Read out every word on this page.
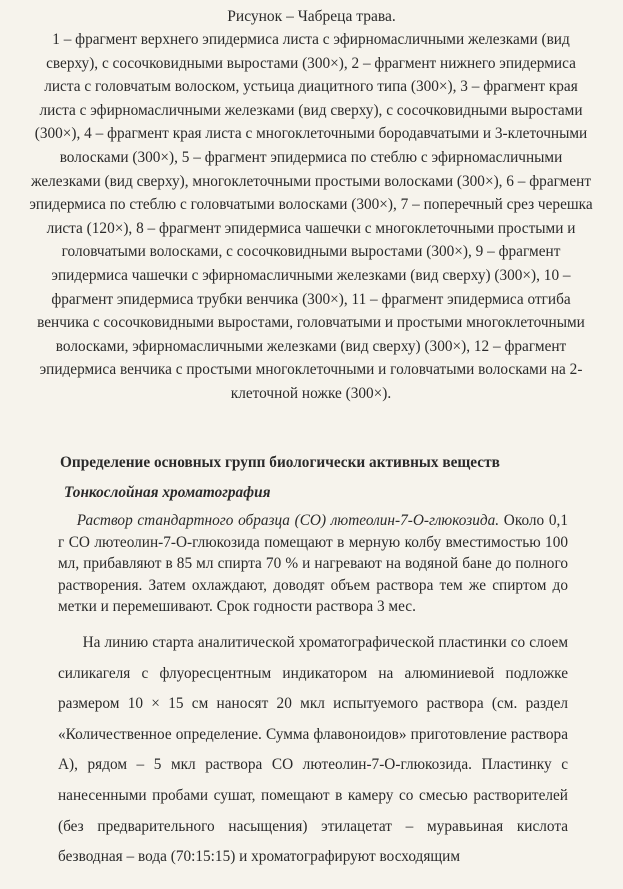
Рисунок – Чабреца трава.
1 – фрагмент верхнего эпидермиса листа с эфирномасличными железками (вид сверху), с сосочковидными выростами (300×), 2 – фрагмент нижнего эпидермиса листа с головчатым волоском, устьица диацитного типа (300×), 3 – фрагмент края листа с эфирномасличными железками (вид сверху), с сосочковидными выростами (300×), 4 – фрагмент края листа с многоклеточными бородавчатыми и 3-клеточными волосками (300×), 5 – фрагмент эпидермиса по стеблю с эфирномасличными железками (вид сверху), многоклеточными простыми волосками (300×), 6 – фрагмент эпидермиса по стеблю с головчатыми волосками (300×), 7 – поперечный срез черешка листа (120×), 8 – фрагмент эпидермиса чашечки с многоклеточными простыми и головчатыми волосками, с сосочковидными выростами (300×), 9 – фрагмент эпидермиса чашечки с эфирномасличными железками (вид сверху) (300×), 10 – фрагмент эпидермиса трубки венчика (300×), 11 – фрагмент эпидермиса отгиба венчика с сосочковидными выростами, головчатыми и простыми многоклеточными волосками, эфирномасличными железками (вид сверху) (300×), 12 – фрагмент эпидермиса венчика с простыми многоклеточными и головчатыми волосками на 2-клеточной ножке (300×).
Определение основных групп биологически активных веществ
Тонкослойная хроматография

Раствор стандартного образца (СО) лютеолин-7-О-глюкозида. Около 0,1 г СО лютеолин-7-О-глюкозида помещают в мерную колбу вместимостью 100 мл, прибавляют в 85 мл спирта 70 % и нагревают на водяной бане до полного растворения. Затем охлаждают, доводят объем раствора тем же спиртом до метки и перемешивают. Срок годности раствора 3 мес.

На линию старта аналитической хроматографической пластинки со слоем силикагеля с флуоресцентным индикатором на алюминиевой подложке размером 10 × 15 см наносят 20 мкл испытуемого раствора (см. раздел «Количественное определение. Сумма флавоноидов» приготовление раствора А), рядом – 5 мкл раствора СО лютеолин-7-О-глюкозида. Пластинку с нанесенными пробами сушат, помещают в камеру со смесью растворителей (без предварительного насыщения) этилацетат – муравьиная кислота безводная – вода (70:15:15) и хроматографируют восходящим
